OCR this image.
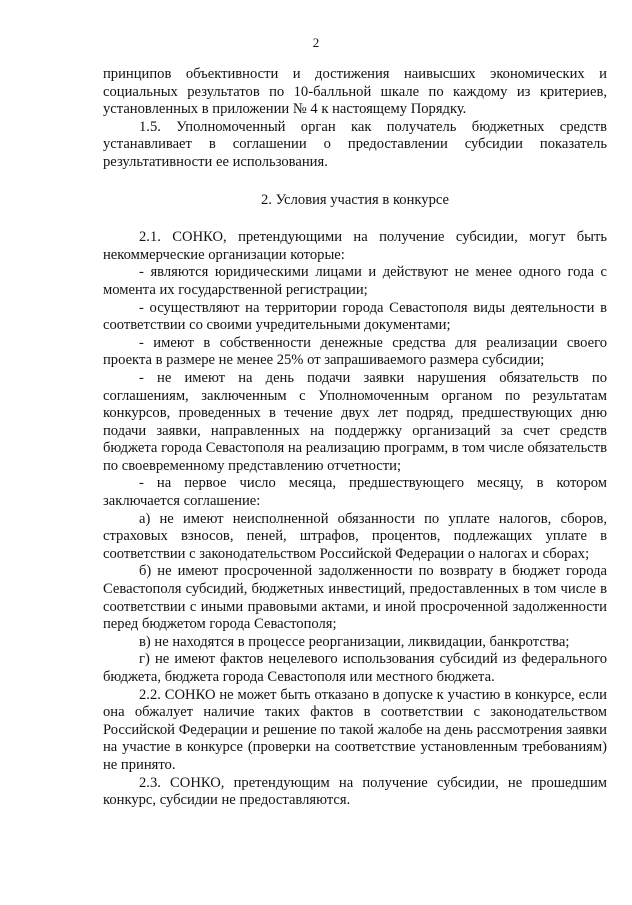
2

принципов объективности и достижения наивысших экономических и социальных результатов по 10-балльной шкале по каждому из критериев, установленных в приложении № 4 к настоящему Порядку.

1.5. Уполномоченный орган как получатель бюджетных средств устанавливает в соглашении о предоставлении субсидии показатель результативности ее использования.

2. Условия участия в конкурсе

2.1. СОНКО, претендующими на получение субсидии, могут быть некоммерческие организации которые:

- являются юридическими лицами и действуют не менее одного года с момента их государственной регистрации;

- осуществляют на территории города Севастополя виды деятельности в соответствии со своими учредительными документами;

- имеют в собственности денежные средства для реализации своего проекта в размере не менее 25% от запрашиваемого размера субсидии;

- не имеют на день подачи заявки нарушения обязательств по соглашениям, заключенным с Уполномоченным органом по результатам конкурсов, проведенных в течение двух лет подряд, предшествующих дню подачи заявки, направленных на поддержку организаций за счет средств бюджета города Севастополя на реализацию программ, в том числе обязательств по своевременному представлению отчетности;

- на первое число месяца, предшествующего месяцу, в котором заключается соглашение:

а) не имеют неисполненной обязанности по уплате налогов, сборов, страховых взносов, пеней, штрафов, процентов, подлежащих уплате в соответствии с законодательством Российской Федерации о налогах и сборах;

б) не имеют просроченной задолженности по возврату в бюджет города Севастополя субсидий, бюджетных инвестиций, предоставленных в том числе в соответствии с иными правовыми актами, и иной просроченной задолженности перед бюджетом города Севастополя;

в) не находятся в процессе реорганизации, ликвидации, банкротства;

г) не имеют фактов нецелевого использования субсидий из федерального бюджета, бюджета города Севастополя или местного бюджета.

2.2. СОНКО не может быть отказано в допуске к участию в конкурсе, если она обжалует наличие таких фактов в соответствии с законодательством Российской Федерации и решение по такой жалобе на день рассмотрения заявки на участие в конкурсе (проверки на соответствие установленным требованиям) не принято.

2.3. СОНКО, претендующим на получение субсидии, не прошедшим конкурс, субсидии не предоставляются.
